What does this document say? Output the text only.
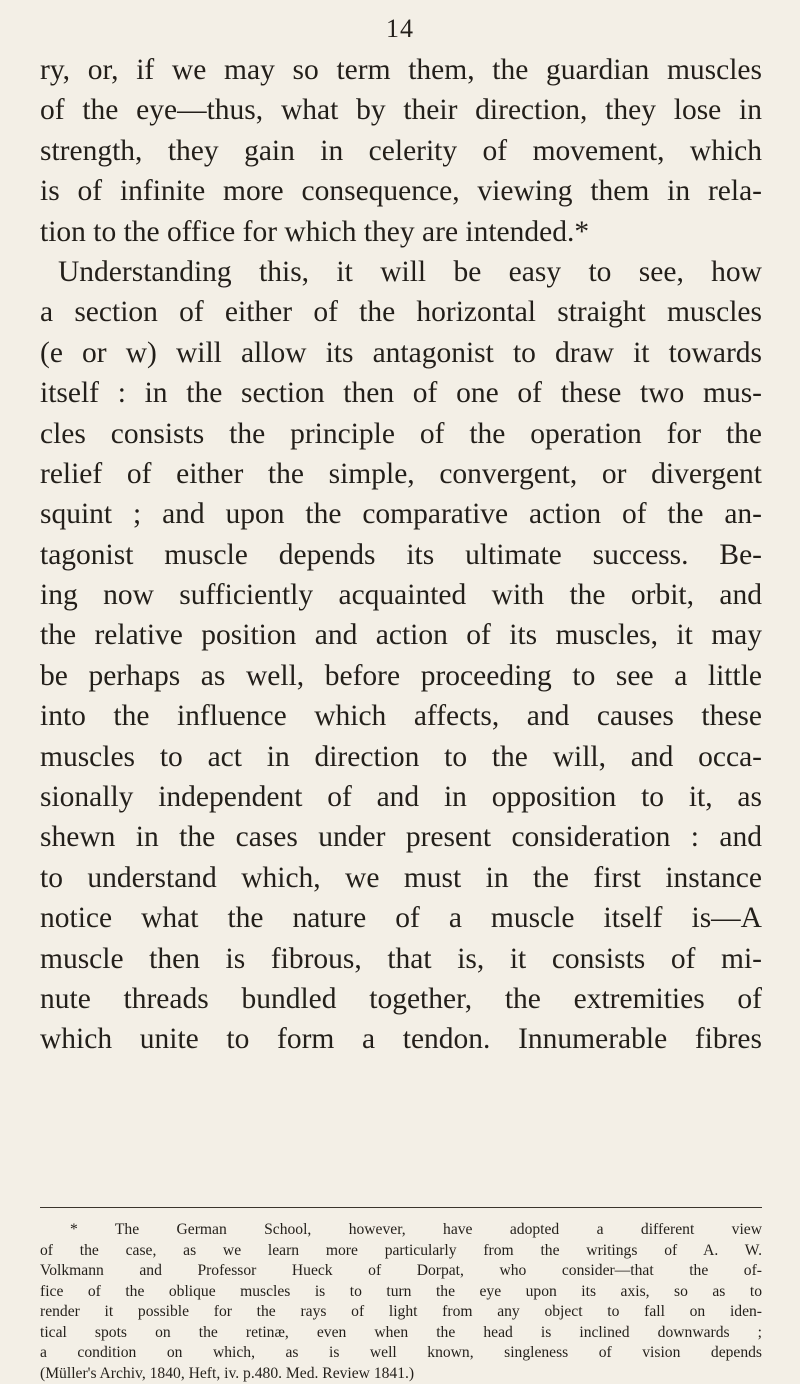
14
ry, or, if we may so term them, the guardian muscles
of the eye—thus, what by their direction, they lose in
strength, they gain in celerity of movement, which
is of infinite more consequence, viewing them in rela-
tion to the office for which they are intended.*
Understanding this, it will be easy to see, how
a section of either of the horizontal straight muscles
(e or w) will allow its antagonist to draw it towards
itself : in the section then of one of these two mus-
cles consists the principle of the operation for the
relief of either the simple, convergent, or divergent
squint ; and upon the comparative action of the an-
tagonist muscle depends its ultimate success. Be-
ing now sufficiently acquainted with the orbit, and
the relative position and action of its muscles, it may
be perhaps as well, before proceeding to see a little
into the influence which affects, and causes these
muscles to act in direction to the will, and occa-
sionally independent of and in opposition to it, as
shewn in the cases under present consideration : and
to understand which, we must in the first instance
notice what the nature of a muscle itself is—A
muscle then is fibrous, that is, it consists of mi-
nute threads bundled together, the extremities of
which unite to form a tendon. Innumerable fibres
* The German School, however, have adopted a different view
of the case, as we learn more particularly from the writings of A. W.
Volkmann and Professor Hueck of Dorpat, who consider—that the of-
fice of the oblique muscles is to turn the eye upon its axis, so as to
render it possible for the rays of light from any object to fall on iden-
tical spots on the retinæ, even when the head is inclined downwards ;
a condition on which, as is well known, singleness of vision depends
(Müller's Archiv, 1840, Heft, iv. p.480. Med. Review 1841.)
